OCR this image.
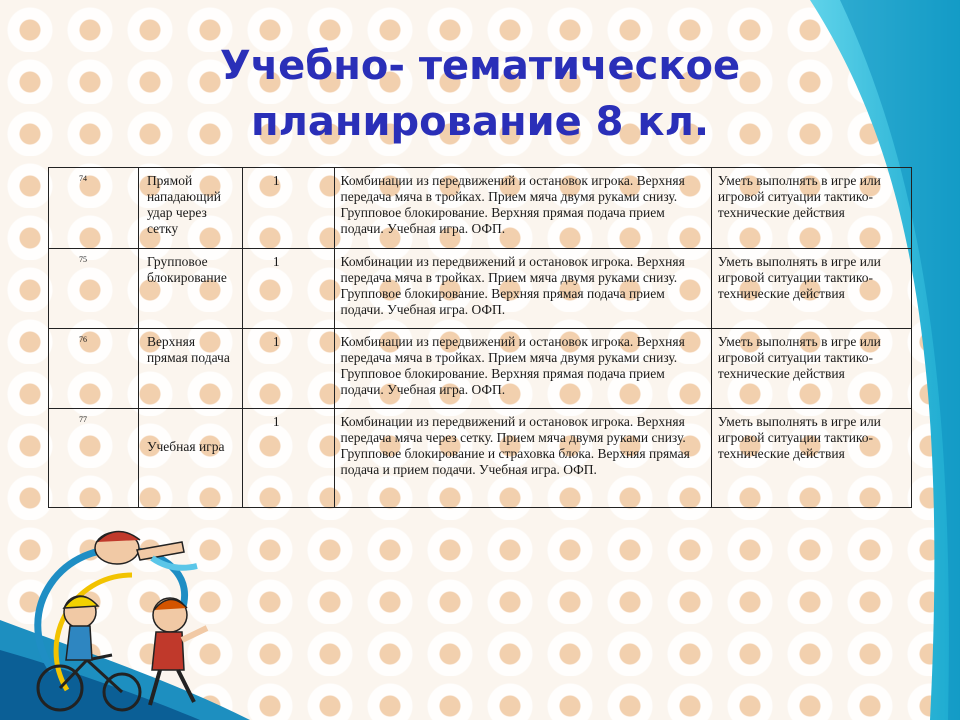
Учебно- тематическое планирование 8 кл.
74	Прямой нападающий удар через сетку	1	Комбинации из передвижений и остановок игрока. Верхняя передача мяча в тройках. Прием мяча двумя руками снизу. Групповое блокирование. Верхняя прямая подача прием подачи. Учебная игра. ОФП.	Уметь выполнять в игре или игровой ситуации тактико-технические действия
75	Групповое блокирование	1	Комбинации из передвижений и остановок игрока. Верхняя передача мяча в тройках. Прием мяча двумя руками снизу. Групповое блокирование. Верхняя прямая подача прием подачи. Учебная игра. ОФП.	Уметь выполнять в игре или игровой ситуации тактико-технические действия
76	Верхняя прямая подача	1	Комбинации из передвижений и остановок игрока. Верхняя передача мяча в тройках. Прием мяча двумя руками снизу. Групповое блокирование. Верхняя прямая подача прием подачи. Учебная игра. ОФП.	Уметь выполнять в игре или игровой ситуации тактико-технические действия
77	Учебная игра	1	Комбинации из передвижений и остановок игрока. Верхняя передача мяча через сетку. Прием мяча двумя руками снизу. Групповое блокирование и страховка блока. Верхняя прямая подача и прием подачи. Учебная игра. ОФП.	Уметь выполнять в игре или игровой ситуации тактико-технические действия
